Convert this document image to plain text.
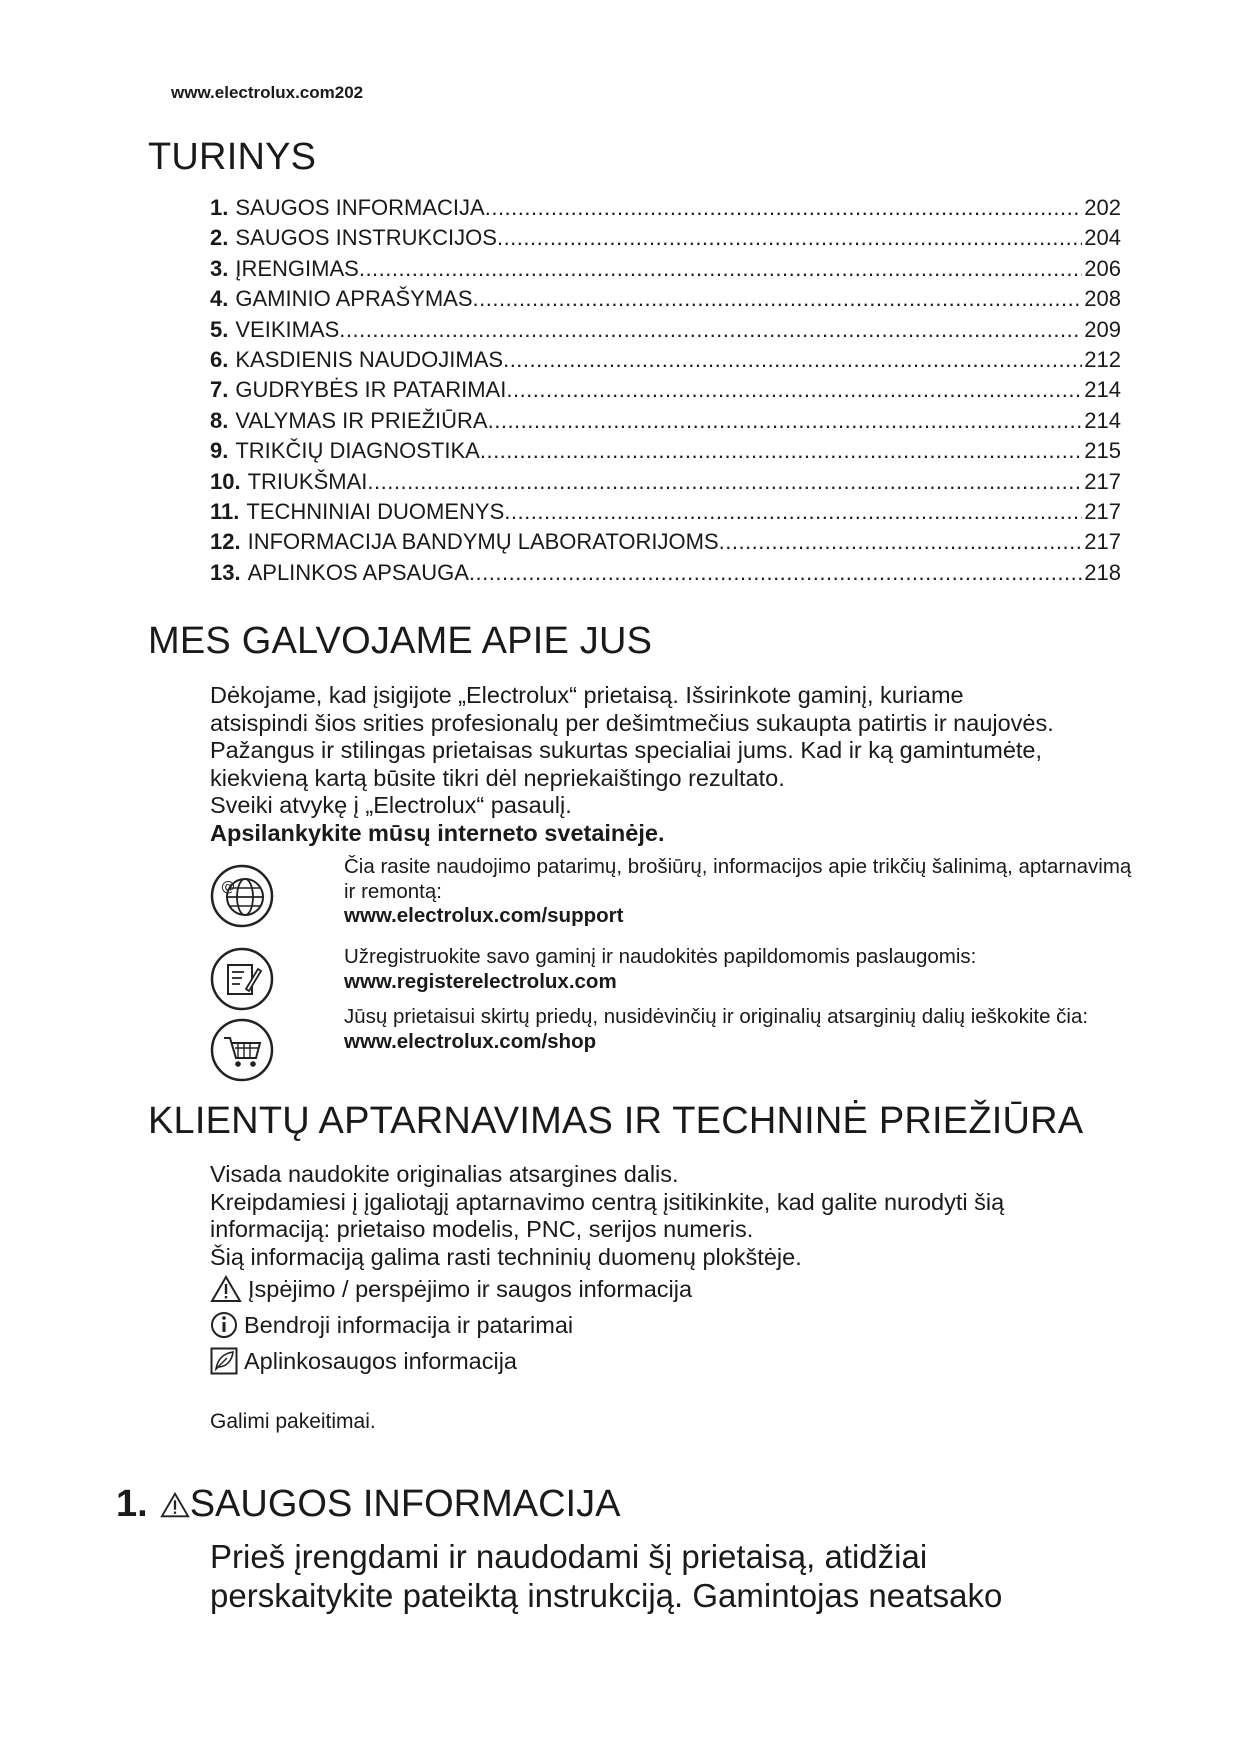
www.electrolux.com202
TURINYS
1. SAUGOS INFORMACIJA .....	202
2. SAUGOS INSTRUKCIJOS .....	204
3. ĮRENGIMAS .....	206
4. GAMINIO APRAŠYMAS .....	208
5. VEIKIMAS .....	209
6. KASDIENIS NAUDOJIMAS .....	212
7. GUDRYBĖS IR PATARIMAI .....	214
8. VALYMAS IR PRIEŽIŪRA .....	214
9. TRIKČIŲ DIAGNOSTIKA .....	215
10. TRIUKŠMAI .....	217
11. TECHNINIAI DUOMENYS .....	217
12. INFORMACIJA BANDYMŲ LABORATORIJOMS .....	217
13. APLINKOS APSAUGA .....	218
MES GALVOJAME APIE JUS

Dėkojame, kad įsigijote „Electrolux“ prietaisą. Išsirinkote gaminį, kuriame

atsispindi šios srities profesionalų per dešimtmečius sukaupta patirtis ir naujovės.

Pažangus ir stilingas prietaisas sukurtas specialiai jums. Kad ir ką gamintumėte,

kiekvieną kartą būsite tikri dėl nepriekaištingo rezultato.

Sveiki atvykę į „Electrolux“ pasaulį.

Apsilankykite mūsų interneto svetainėje.

@
Čia rasite naudojimo patarimų, brošiūrų, informacijos apie trikčių šalinimą, aptarnavimą ir remontą:
www.electrolux.com/support
Užregistruokite savo gaminį ir naudokitės papildomomis paslaugomis:
www.registerelectrolux.com
Jūsų prietaisui skirtų priedų, nusidėvinčių ir originalių atsarginių dalių ieškokite čia:
www.electrolux.com/shop
KLIENTŲ APTARNAVIMAS IR TECHNINĖ PRIEŽIŪRA

Visada naudokite originalias atsargines dalis.

Kreipdamiesi į įgaliotąjį aptarnavimo centrą įsitikinkite, kad galite nurodyti šią

informaciją: prietaiso modelis, PNC, serijos numeris.

Šią informaciją galima rasti techninių duomenų plokštėje.

Įspėjimo / perspėjimo ir saugos informacija
Bendroji informacija ir patarimai
Aplinkosaugos informacija
Galimi pakeitimai.
1. SAUGOS INFORMACIJA
Prieš įrengdami ir naudodami šį prietaisą, atidžiai
perskaitykite pateiktą instrukciją. Gamintojas neatsako
